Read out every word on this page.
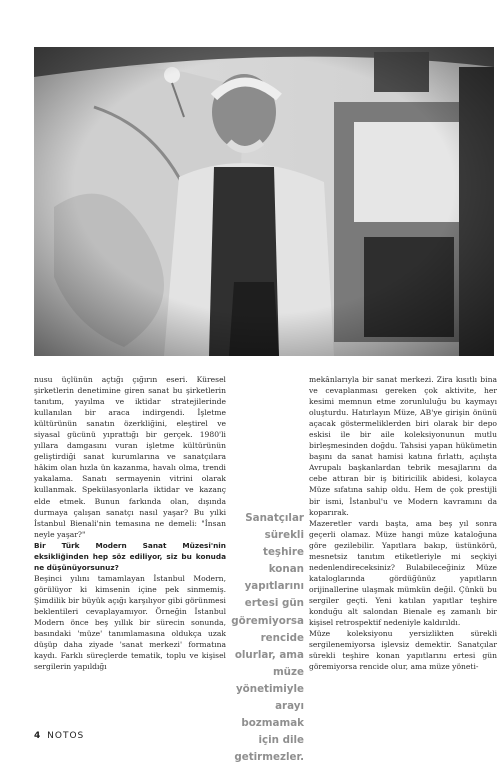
nusu üçlünün açtığı çığırın eseri. Küresel şirketlerin denetimine giren sanat bu şirketlerin tanıtım, yayılma ve iktidar stratejilerinde kullanılan bir araca indirgendi. İşletme kültürünün sanatın özerkliğini, eleştirel ve siyasal gücünü yıprattığı bir gerçek. 1980'li yıllara damgasını vuran işletme kültürünün geliştirdiği sanat kurumlarına ve sanatçılara hâkim olan hızla ün kazanma, havalı olma, trendi yakalama. Sanatı sermayenin vitrini olarak kullanmak. Spekülasyonlarla iktidar ve kazanç elde etmek. Bunun farkında olan, dışında durmaya çalışan sanatçı nasıl yaşar? Bu yılki İstanbul Bienali'nin temasına ne demeli: "İnsan neyle yaşar?"

Bir Türk Modern Sanat Müzesi'nin eksikliğinden hep söz ediliyor, siz bu konuda ne düşünüyorsunuz?

Beşinci yılını tamamlayan İstanbul Modern, görülüyor ki kimsenin içine pek sinmemiş. Şimdilik bir büyük açığı karşılıyor gibi görünmesi beklentileri cevaplayamıyor. Örneğin İstanbul Modern önce beş yıllık bir sürecin sonunda, basındaki 'müze' tanımlamasına oldukça uzak düşüp daha ziyade 'sanat merkezi' formatına kaydı. Farklı süreçlerde tematik, toplu ve kişisel sergilerin yapıldığı

Sanatçılar sürekli teşhire konan yapıtlarını ertesi gün göremiyorsa rencide olurlar, ama müze yönetimiyle arayı bozmamak için dile getirmezler.

mekânlarıyla bir sanat merkezi. Zira kısıtlı bina ve cevaplanması gereken çok aktivite, her kesimi memnun etme zorunluluğu bu kaymayı oluşturdu. Hatırlayın Müze, AB'ye girişin önünü açacak göstermeliklerden biri olarak bir depo eskisi ile bir aile koleksiyonunun mutlu birleşmesinden doğdu. Tahsisi yapan hükümetin başını da sanat hamisi katına fırlattı, açılışta Avrupalı başkanlardan tebrik mesajlarını da cebe attıran bir iş bitiricilik abidesi, kolayca Müze sıfatına sahip oldu. Hem de çok prestijli bir ismi, İstanbul'u ve Modern kavramını da koparırak.

Mazeretler vardı başta, ama beş yıl sonra geçerli olamaz. Müze hangi müze kataloğuna göre gezilebilir. Yapıtlara bakıp, üstünkörü, mesnetsiz tanıtım etiketleriyle mi seçkiyi nedenlendireceksiniz? Bulabileceğiniz Müze kataloglarında gördüğünüz yapıtların orijinallerine ulaşmak mümkün değil. Çünkü bu sergiler geçti. Yeni katılan yapıtlar teşhire konduğu alt salondan Bienale eş zamanlı bir kişisel retrospektif nedeniyle kaldırıldı.

Müze koleksiyonu yersizlikten sürekli sergilenemiyorsa işlevsiz demektir. Sanatçılar sürekli teşhire konan yapıtlarını ertesi gün göremiyorsa rencide olur, ama müze yöneti-

4 NOTOS
